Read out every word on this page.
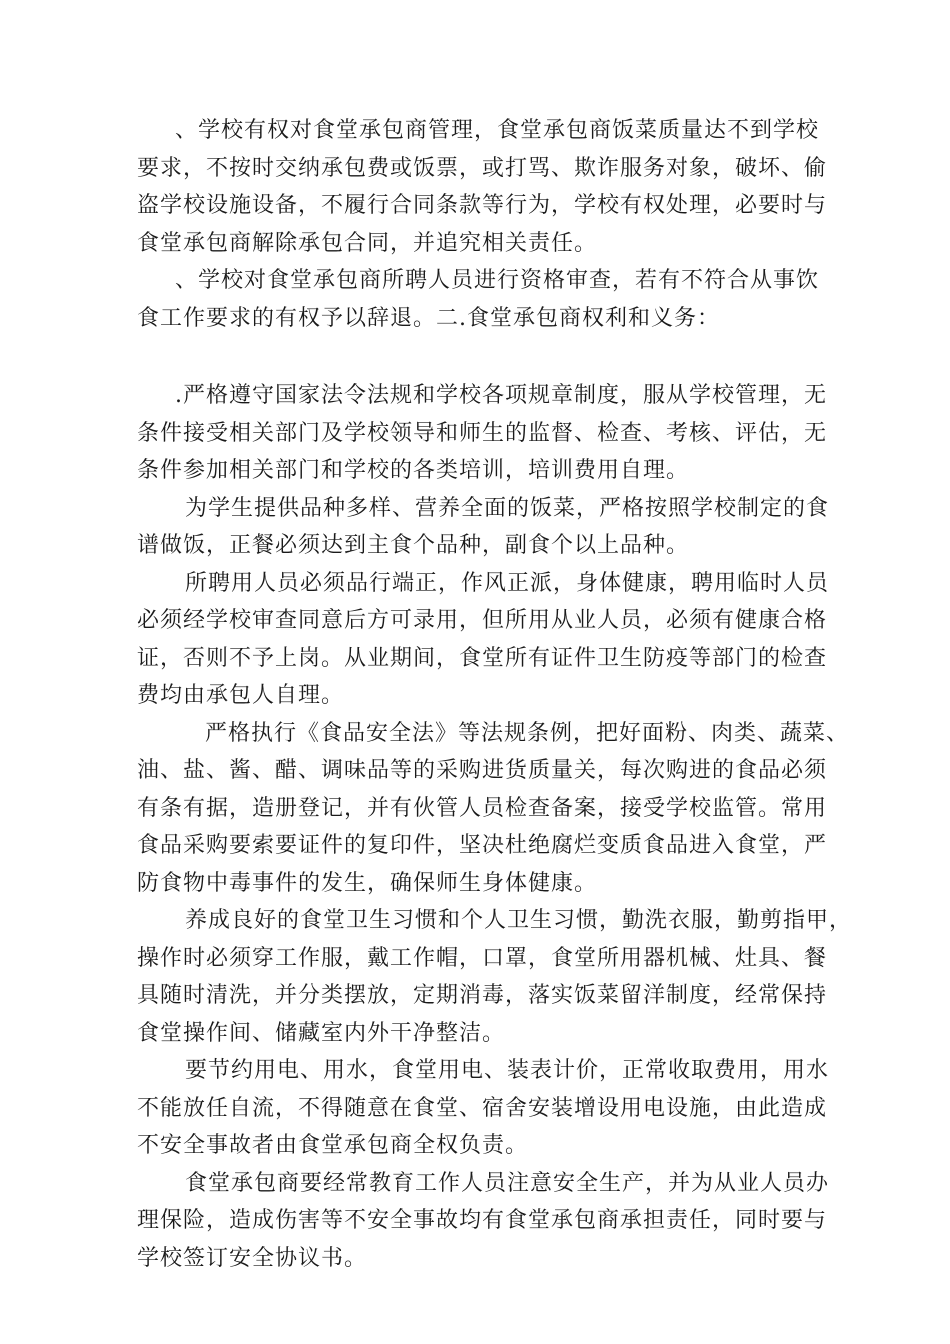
、学校有权对食堂承包商管理，食堂承包商饭菜质量达不到学校
要求，不按时交纳承包费或饭票，或打骂、欺诈服务对象，破坏、偷
盗学校设施设备，不履行合同条款等行为，学校有权处理，必要时与
食堂承包商解除承包合同，并追究相关责任。

、学校对食堂承包商所聘人员进行资格审查，若有不符合从事饮
食工作要求的有权予以辞退。二.食堂承包商权利和义务：

.严格遵守国家法令法规和学校各项规章制度，服从学校管理，无
条件接受相关部门及学校领导和师生的监督、检查、考核、评估，无
条件参加相关部门和学校的各类培训，培训费用自理。

为学生提供品种多样、营养全面的饭菜，严格按照学校制定的食
谱做饭，正餐必须达到主食个品种，副食个以上品种。

所聘用人员必须品行端正，作风正派，身体健康，聘用临时人员
必须经学校审查同意后方可录用，但所用从业人员，必须有健康合格
证，否则不予上岗。从业期间，食堂所有证件卫生防疫等部门的检查
费均由承包人自理。

严格执行《食品安全法》等法规条例，把好面粉、肉类、蔬菜、
油、盐、酱、醋、调味品等的采购进货质量关，每次购进的食品必须
有条有据，造册登记，并有伙管人员检查备案，接受学校监管。常用
食品采购要索要证件的复印件，坚决杜绝腐烂变质食品进入食堂，严
防食物中毒事件的发生，确保师生身体健康。

养成良好的食堂卫生习惯和个人卫生习惯，勤洗衣服，勤剪指甲，
操作时必须穿工作服，戴工作帽，口罩，食堂所用器机械、灶具、餐
具随时清洗，并分类摆放，定期消毒，落实饭菜留洋制度，经常保持
食堂操作间、储藏室内外干净整洁。

要节约用电、用水，食堂用电、装表计价，正常收取费用，用水
不能放任自流，不得随意在食堂、宿舍安装增设用电设施，由此造成
不安全事故者由食堂承包商全权负责。

食堂承包商要经常教育工作人员注意安全生产，并为从业人员办
理保险，造成伤害等不安全事故均有食堂承包商承担责任，同时要与
学校签订安全协议书。
